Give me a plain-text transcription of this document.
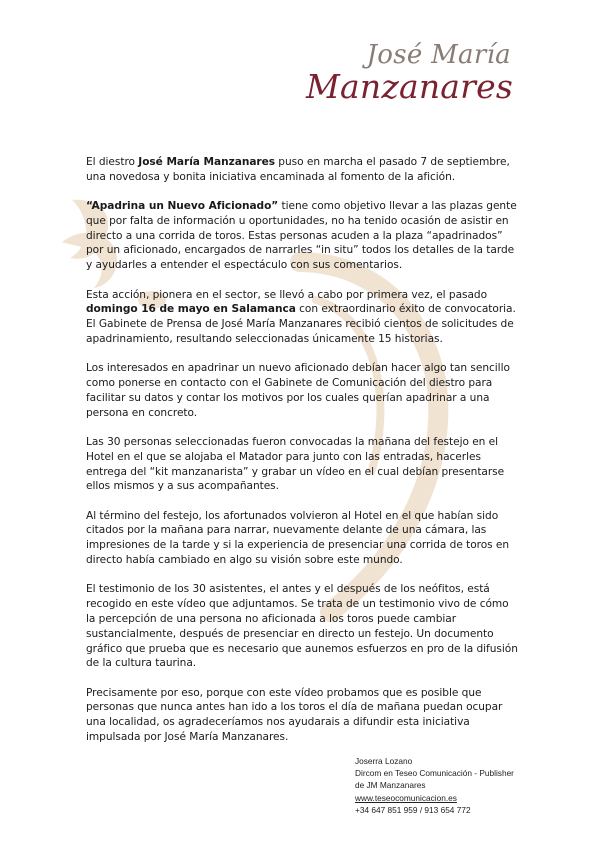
José María
Manzanares

El diestro José María Manzanares puso en marcha el pasado 7 de septiembre, una novedosa y bonita iniciativa encaminada al fomento de la afición.

“Apadrina un Nuevo Aficionado” tiene como objetivo llevar a las plazas gente que por falta de información u oportunidades, no ha tenido ocasión de asistir en directo a una corrida de toros. Estas personas acuden a la plaza “apadrinados” por un aficionado, encargados de narrarles “in situ” todos los detalles de la tarde y ayudarles a entender el espectáculo con sus comentarios.

Esta acción, pionera en el sector, se llevó a cabo por primera vez, el pasado domingo 16 de mayo en Salamanca con extraordinario éxito de convocatoria. El Gabinete de Prensa de José María Manzanares recibió cientos de solicitudes de apadrinamiento, resultando seleccionadas únicamente 15 historias.

Los interesados en apadrinar un nuevo aficionado debían hacer algo tan sencillo como ponerse en contacto con el Gabinete de Comunicación del diestro para facilitar su datos y contar los motivos por los cuales querían apadrinar a una persona en concreto.

Las 30 personas seleccionadas fueron convocadas la mañana del festejo en el Hotel en el que se alojaba el Matador para junto con las entradas, hacerles entrega del “kit manzanarista” y grabar un vídeo en el cual debían presentarse ellos mismos y a sus acompañantes.

Al término del festejo, los afortunados volvieron al Hotel en el que habían sido citados por la mañana para narrar, nuevamente delante de una cámara, las impresiones de la tarde y si la experiencia de presenciar una corrida de toros en directo había cambiado en algo su visión sobre este mundo.

El testimonio de los 30 asistentes, el antes y el después de los neófitos, está recogido en este vídeo que adjuntamos. Se trata de un testimonio vivo de cómo la percepción de una persona no aficionada a los toros puede cambiar sustancialmente, después de presenciar en directo un festejo. Un documento gráfico que prueba que es necesario que aunemos esfuerzos en pro de la difusión de la cultura taurina.

Precisamente por eso, porque con este vídeo probamos que es posible que personas que nunca antes han ido a los toros el día de mañana puedan ocupar una localidad, os agradeceríamos nos ayudarais a difundir esta iniciativa impulsada por José María Manzanares.

Joserra Lozano
Dircom en Teseo Comunicación - Publisher
de JM Manzanares
www.teseocomunicacion.es
+34 647 851 959 / 913 654 772
